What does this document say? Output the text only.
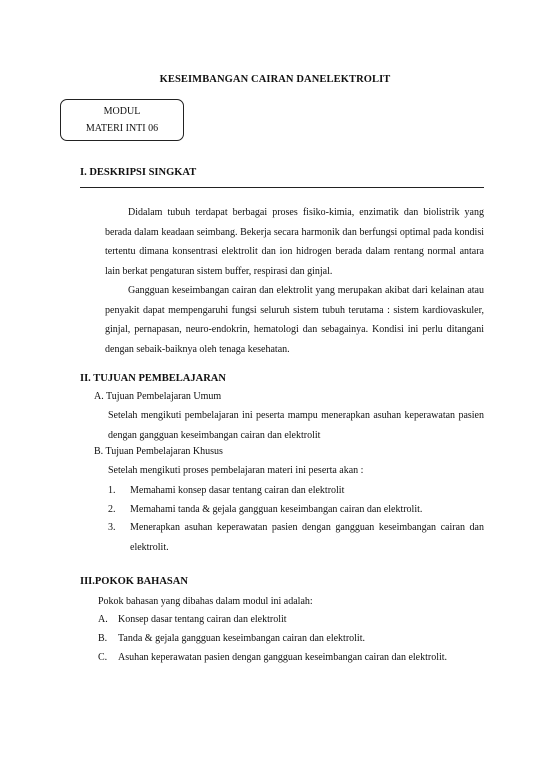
KESEIMBANGAN CAIRAN DANELEKTROLIT
MODUL
MATERI INTI 06
I. DESKRIPSI SINGKAT
Didalam tubuh terdapat berbagai proses fisiko-kimia, enzimatik dan biolistrik yang berada dalam keadaan seimbang. Bekerja secara harmonik dan berfungsi optimal pada kondisi tertentu dimana konsentrasi elektrolit dan ion hidrogen berada dalam rentang normal antara lain berkat pengaturan sistem buffer, respirasi dan ginjal.
Gangguan keseimbangan cairan dan elektrolit yang merupakan akibat dari kelainan atau penyakit dapat mempengaruhi fungsi seluruh sistem tubuh terutama : sistem kardiovaskuler, ginjal, pernapasan, neuro-endokrin, hematologi dan sebagainya. Kondisi ini perlu ditangani dengan sebaik-baiknya oleh tenaga kesehatan.
II. TUJUAN PEMBELAJARAN
A. Tujuan Pembelajaran Umum
Setelah mengikuti pembelajaran ini peserta mampu menerapkan asuhan keperawatan pasien dengan gangguan keseimbangan cairan dan elektrolit
B. Tujuan Pembelajaran Khusus
Setelah mengikuti proses pembelajaran materi ini peserta akan :
1. Memahami konsep dasar tentang cairan dan elektrolit
2. Memahami tanda & gejala gangguan keseimbangan cairan dan elektrolit.
3. Menerapkan asuhan keperawatan pasien dengan gangguan keseimbangan cairan dan elektrolit.
III.POKOK BAHASAN
Pokok bahasan yang dibahas dalam modul ini adalah:
A. Konsep dasar tentang cairan dan elektrolit
B. Tanda & gejala gangguan keseimbangan cairan dan elektrolit.
C. Asuhan keperawatan pasien dengan gangguan keseimbangan cairan dan elektrolit.
